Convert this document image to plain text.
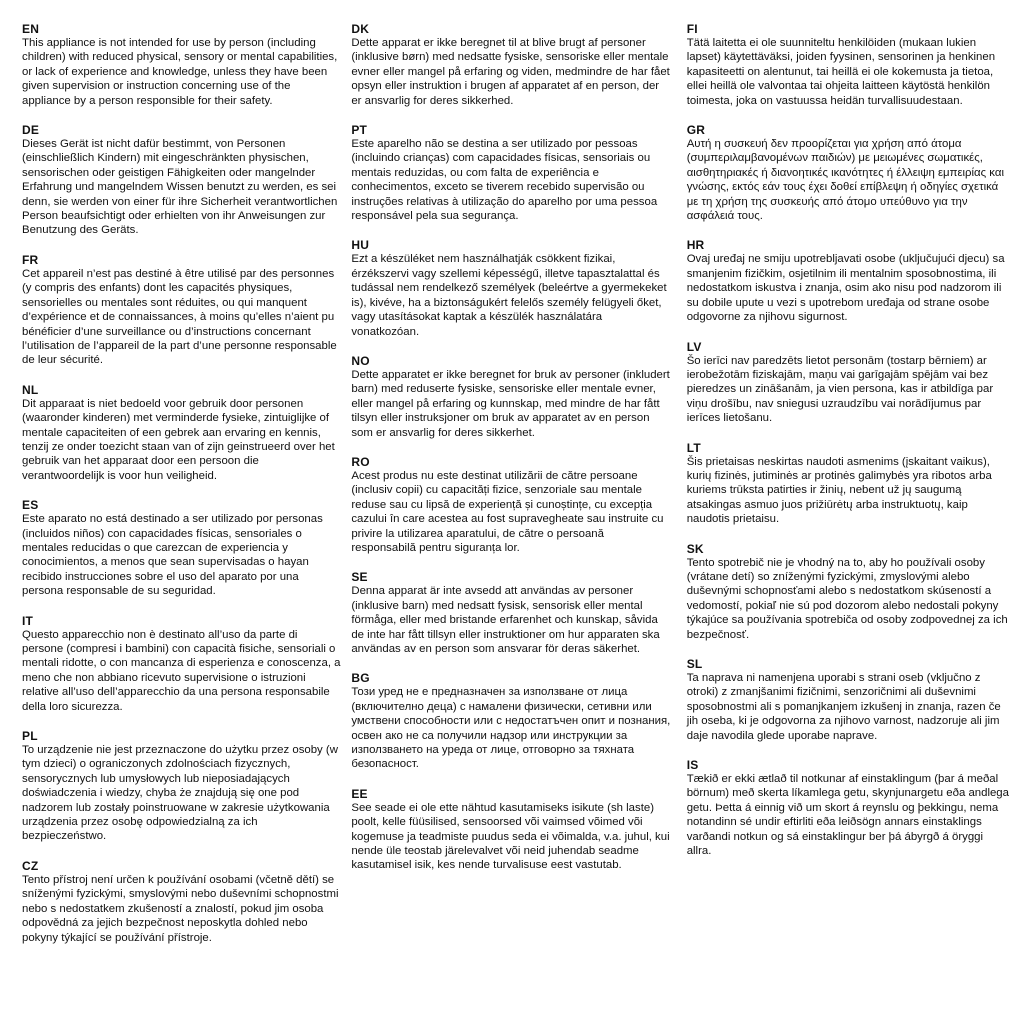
EN

This appliance is not intended for use by person (including children) with reduced physical, sensory or mental capabilities, or lack of experience and knowledge, unless they have been given supervision or instruction concerning use of the appliance by a person responsible for their safety.

DE

Dieses Gerät ist nicht dafür bestimmt, von Personen (einschließlich Kindern) mit eingeschränkten physischen, sensorischen oder geistigen Fähigkeiten oder mangelnder Erfahrung und mangelndem Wissen benutzt zu werden, es sei denn, sie werden von einer für ihre Sicherheit verantwortlichen Person beaufsichtigt oder erhielten von ihr Anweisungen zur Benutzung des Geräts.

FR

Cet appareil n’est pas destiné à être utilisé par des personnes (y compris des enfants) dont les capacités physiques, sensorielles ou mentales sont réduites, ou qui manquent d’expérience et de connaissances, à moins qu’elles n’aient pu bénéficier d’une surveillance ou d’instructions concernant l’utilisation de l’appareil de la part d’une personne responsable de leur sécurité.

NL

Dit apparaat is niet bedoeld voor gebruik door personen (waaronder kinderen) met verminderde fysieke, zintuiglijke of mentale capaciteiten of een gebrek aan ervaring en kennis, tenzij ze onder toezicht staan van of zijn geinstrueerd over het gebruik van het apparaat door een persoon die verantwoordelijk is voor hun veiligheid.

ES

Este aparato no está destinado a ser utilizado por personas (incluidos niños) con capacidades físicas, sensoriales o mentales reducidas o que carezcan de experiencia y conocimientos, a menos que sean supervisadas o hayan recibido instrucciones sobre el uso del aparato por una persona responsable de su seguridad.

IT

Questo apparecchio non è destinato all’uso da parte di persone (compresi i bambini) con capacità fisiche, sensoriali o mentali ridotte, o con mancanza di esperienza e conoscenza, a meno che non abbiano ricevuto supervisione o istruzioni relative all’uso dell’apparecchio da una persona responsabile della loro sicurezza.

PL

To urządzenie nie jest przeznaczone do użytku przez osoby (w tym dzieci) o ograniczonych zdolnościach fizycznych, sensorycznych lub umysłowych lub nieposiadających doświadczenia i wiedzy, chyba że znajdują się one pod nadzorem lub zostały poinstruowane w zakresie użytkowania urządzenia przez osobę odpowiedzialną za ich bezpieczeństwo.

CZ

Tento přístroj není určen k používání osobami (včetně dětí) se sníženými fyzickými, smyslovými nebo duševními schopnostmi nebo s nedostatkem zkušeností a znalostí, pokud jim osoba odpovědná za jejich bezpečnost neposkytla dohled nebo pokyny týkající se používání přístroje.

DK

Dette apparat er ikke beregnet til at blive brugt af personer (inklusive børn) med nedsatte fysiske, sensoriske eller mentale evner eller mangel på erfaring og viden, medmindre de har fået opsyn eller instruktion i brugen af apparatet af en person, der er ansvarlig for deres sikkerhed.

PT

Este aparelho não se destina a ser utilizado por pessoas (incluindo crianças) com capacidades físicas, sensoriais ou mentais reduzidas, ou com falta de experiência e conhecimentos, exceto se tiverem recebido supervisão ou instruções relativas à utilização do aparelho por uma pessoa responsável pela sua segurança.

HU

Ezt a készüléket nem használhatják csökkent fizikai, érzékszervi vagy szellemi képességű, illetve tapasztalattal és tudással nem rendelkező személyek (beleértve a gyermekeket is), kivéve, ha a biztonságukért felelős személy felügyeli őket, vagy utasításokat kaptak a készülék használatára vonatkozóan.

NO

Dette apparatet er ikke beregnet for bruk av personer (inkludert barn) med reduserte fysiske, sensoriske eller mentale evner, eller mangel på erfaring og kunnskap, med mindre de har fått tilsyn eller instruksjoner om bruk av apparatet av en person som er ansvarlig for deres sikkerhet.

RO

Acest produs nu este destinat utilizării de către persoane (inclusiv copii) cu capacități fizice, senzoriale sau mentale reduse sau cu lipsă de experiență și cunoștințe, cu excepția cazului în care acestea au fost supravegheate sau instruite cu privire la utilizarea aparatului, de către o persoană responsabilă pentru siguranța lor.

SE

Denna apparat är inte avsedd att användas av personer (inklusive barn) med nedsatt fysisk, sensorisk eller mental förmåga, eller med bristande erfarenhet och kunskap, såvida de inte har fått tillsyn eller instruktioner om hur apparaten ska användas av en person som ansvarar för deras säkerhet.

BG

Този уред не е предназначен за използване от лица (включително деца) с намалени физически, сетивни или умствени способности или с недостатъчен опит и познания, освен ако не са получили надзор или инструкции за използването на уреда от лице, отговорно за тяхната безопасност.

EE

See seade ei ole ette nähtud kasutamiseks isikute (sh laste) poolt, kelle füüsilised, sensoorsed või vaimsed võimed või kogemuse ja teadmiste puudus seda ei võimalda, v.a. juhul, kui nende üle teostab järelevalvet või neid juhendab seadme kasutamisel isik, kes nende turvalisuse eest vastutab.

FI

Tätä laitetta ei ole suunniteltu henkilöiden (mukaan lukien lapset) käytettäväksi, joiden fyysinen, sensorinen ja henkinen kapasiteetti on alentunut, tai heillä ei ole kokemusta ja tietoa, ellei heillä ole valvontaa tai ohjeita laitteen käytöstä henkilön toimesta, joka on vastuussa heidän turvallisuudestaan.

GR

Αυτή η συσκευή δεν προορίζεται για χρήση από άτομα (συμπεριλαμβανομένων παιδιών) με μειωμένες σωματικές, αισθητηριακές ή διανοητικές ικανότητες ή έλλειψη εμπειρίας και γνώσης, εκτός εάν τους έχει δοθεί επίβλεψη ή οδηγίες σχετικά με τη χρήση της συσκευής από άτομο υπεύθυνο για την ασφάλειά τους.

HR

Ovaj uređaj ne smiju upotrebljavati osobe (uključujući djecu) sa smanjenim fizičkim, osjetilnim ili mentalnim sposobnostima, ili nedostatkom iskustva i znanja, osim ako nisu pod nadzorom ili su dobile upute u vezi s upotrebom uređaja od strane osobe odgovorne za njihovu sigurnost.

LV

Šo ierīci nav paredzēts lietot personām (tostarp bērniem) ar ierobežotām fiziskajām, maņu vai garīgajām spējām vai bez pieredzes un zināšanām, ja vien persona, kas ir atbildīga par viņu drošību, nav sniegusi uzraudzību vai norādījumus par ierīces lietošanu.

LT

Šis prietaisas neskirtas naudoti asmenims (įskaitant vaikus), kurių fizinės, jutiminės ar protinės galimybės yra ribotos arba kuriems trūksta patirties ir žinių, nebent už jų saugumą atsakingas asmuo juos prižiūrėtų arba instruktuotų, kaip naudotis prietaisu.

SK

Tento spotrebič nie je vhodný na to, aby ho používali osoby (vrátane detí) so zníženými fyzickými, zmyslovými alebo duševnými schopnosťami alebo s nedostatkom skúseností a vedomostí, pokiaľ nie sú pod dozorom alebo nedostali pokyny týkajúce sa používania spotrebiča od osoby zodpovednej za ich bezpečnosť.

SL

Ta naprava ni namenjena uporabi s strani oseb (vključno z otroki) z zmanjšanimi fizičnimi, senzoričnimi ali duševnimi sposobnostmi ali s pomanjkanjem izkušenj in znanja, razen če jih oseba, ki je odgovorna za njihovo varnost, nadzoruje ali jim daje navodila glede uporabe naprave.

IS

Tækið er ekki ætlað til notkunar af einstaklingum (þar á meðal börnum) með skerta líkamlega getu, skynjunargetu eða andlega getu. Þetta á einnig við um skort á reynslu og þekkingu, nema notandinn sé undir eftirliti eða leiðsögn annars einstaklings varðandi notkun og sá einstaklingur ber þá ábyrgð á öryggi allra.
